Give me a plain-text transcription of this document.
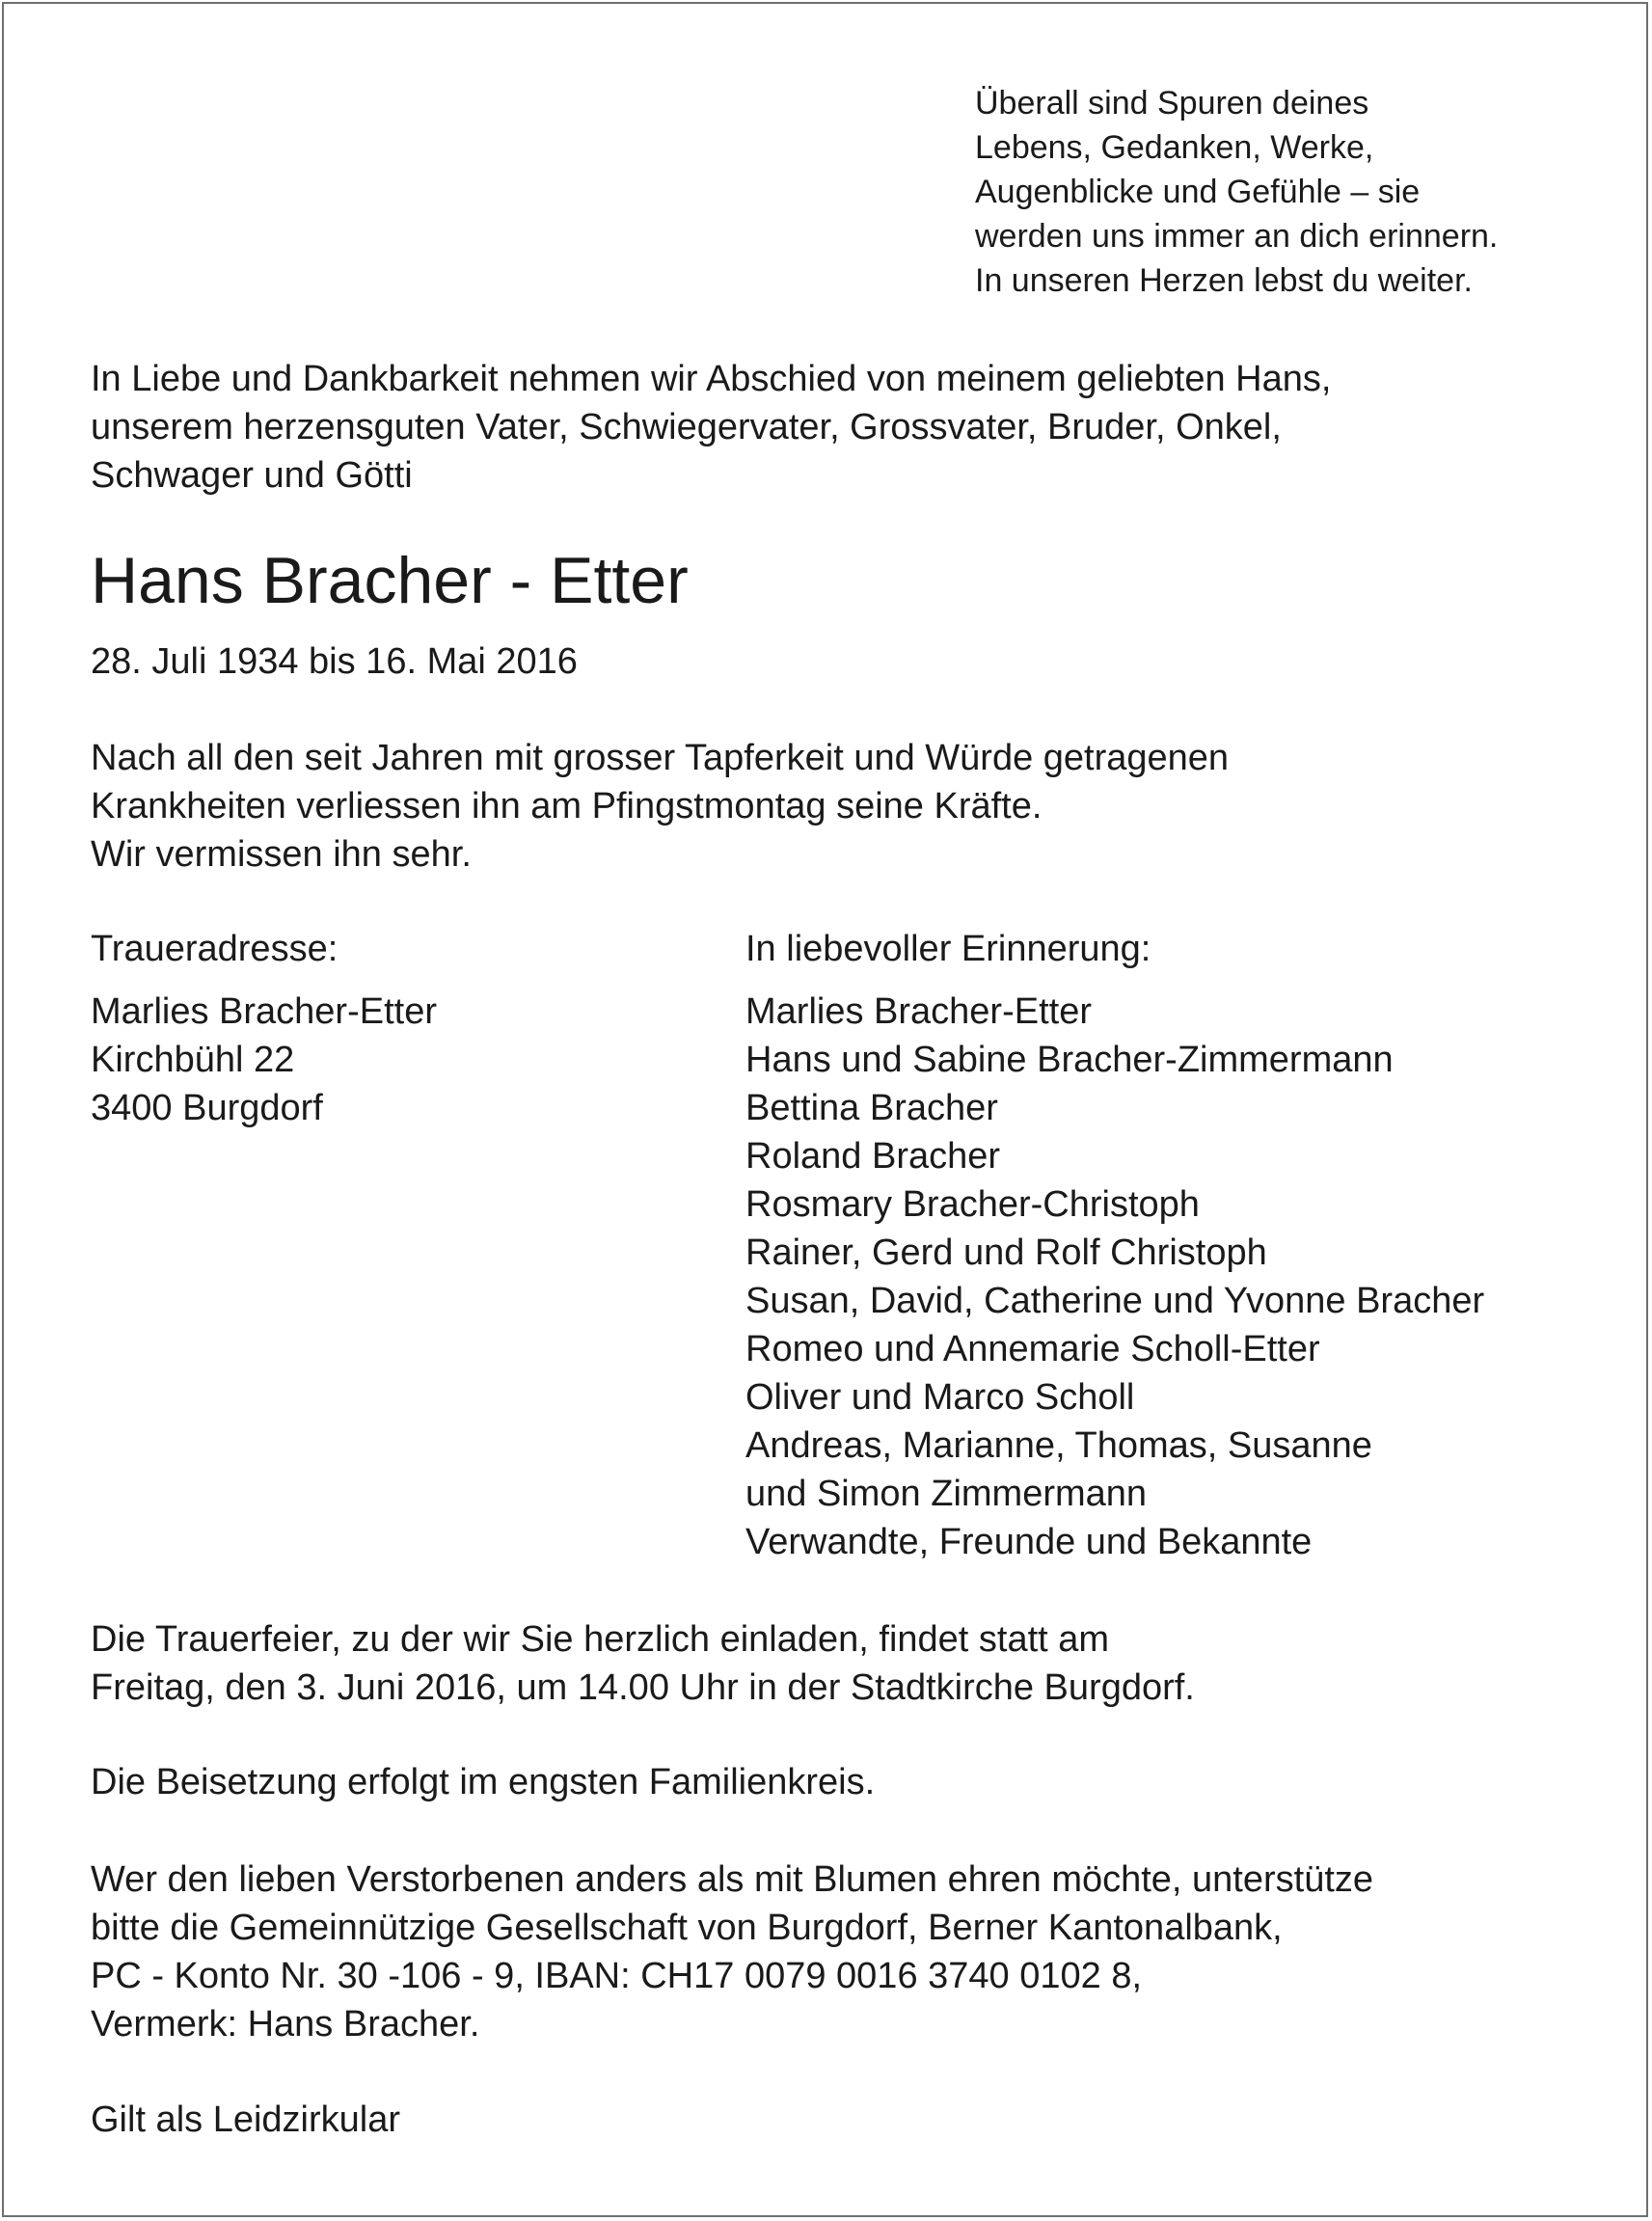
Überall sind Spuren deines
Lebens, Gedanken, Werke,
Augenblicke und Gefühle – sie
werden uns immer an dich erinnern.
In unseren Herzen lebst du weiter.
In Liebe und Dankbarkeit nehmen wir Abschied von meinem geliebten Hans,
unserem herzensguten Vater, Schwiegervater, Grossvater, Bruder, Onkel,
Schwager und Götti
Hans Bracher - Etter
28. Juli 1934 bis 16. Mai 2016
Nach all den seit Jahren mit grosser Tapferkeit und Würde getragenen
Krankheiten verliessen ihn am Pfingstmontag seine Kräfte.
Wir vermissen ihn sehr.
Traueradresse:	In liebevoller Erinnerung:
Marlies Bracher-Etter
Kirchbühl 22
3400 Burgdorf
Marlies Bracher-Etter
Hans und Sabine Bracher-Zimmermann
Bettina Bracher
Roland Bracher
Rosmary Bracher-Christoph
Rainer, Gerd und Rolf Christoph
Susan, David, Catherine und Yvonne Bracher
Romeo und Annemarie Scholl-Etter
Oliver und Marco Scholl
Andreas, Marianne, Thomas, Susanne
und Simon Zimmermann
Verwandte, Freunde und Bekannte
Die Trauerfeier, zu der wir Sie herzlich einladen, findet statt am
Freitag, den 3. Juni 2016, um 14.00 Uhr in der Stadtkirche Burgdorf.
Die Beisetzung erfolgt im engsten Familienkreis.
Wer den lieben Verstorbenen anders als mit Blumen ehren möchte, unterstütze
bitte die Gemeinnützige Gesellschaft von Burgdorf, Berner Kantonalbank,
PC - Konto Nr. 30 -106 - 9, IBAN: CH17 0079 0016 3740 0102 8,
Vermerk: Hans Bracher.
Gilt als Leidzirkular
